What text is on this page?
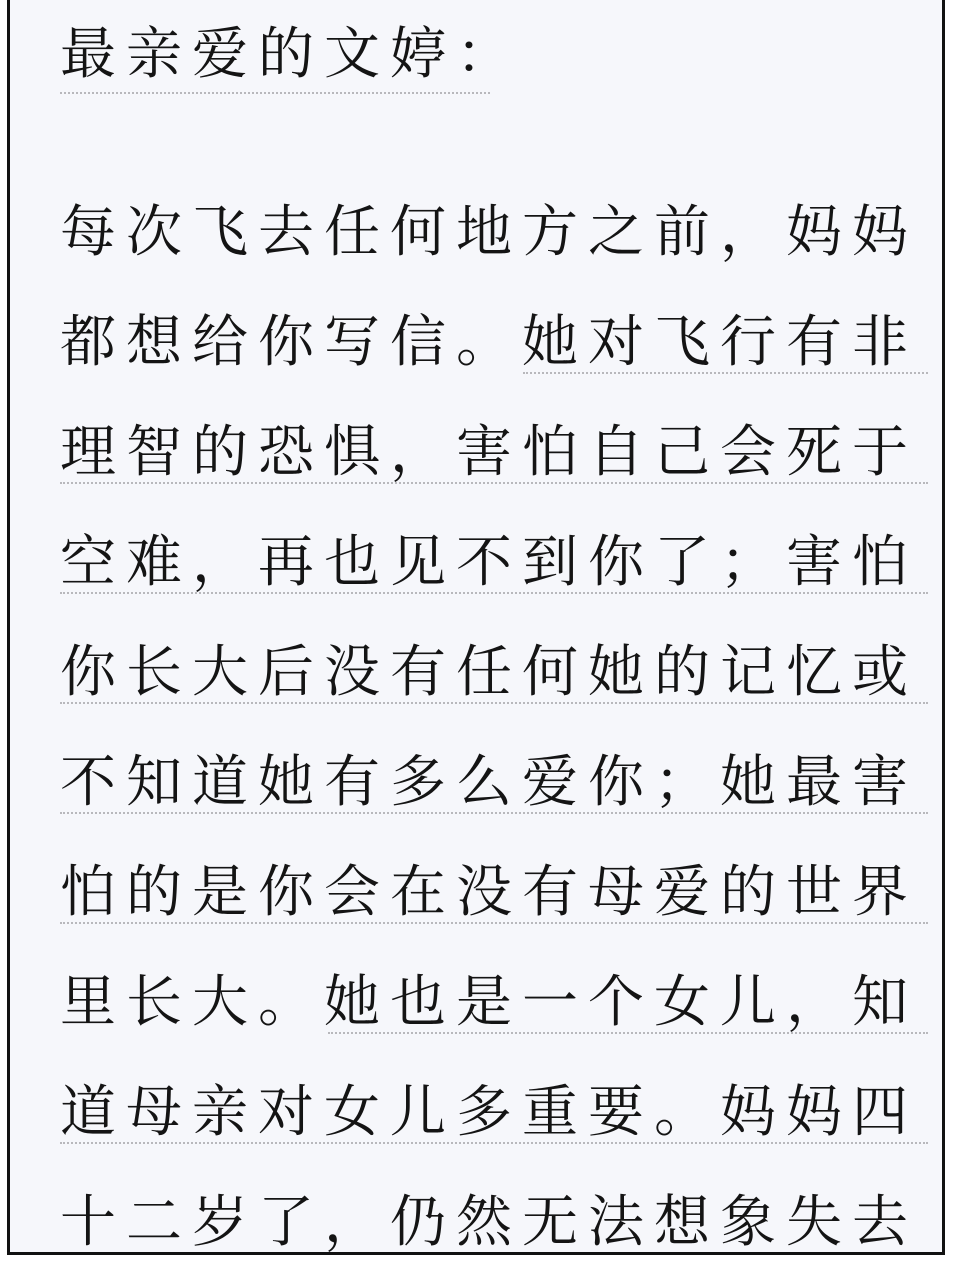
最亲爱的文婷：
每次飞去任何地方之前，妈妈
都想给你写信。她对飞行有非
理智的恐惧，害怕自己会死于
空难，再也见不到你了；害怕
你长大后没有任何她的记忆或
不知道她有多么爱你；她最害
怕的是你会在没有母爱的世界
里长大。她也是一个女儿，知
道母亲对女儿多重要。妈妈四
十二岁了，仍然无法想象失去
